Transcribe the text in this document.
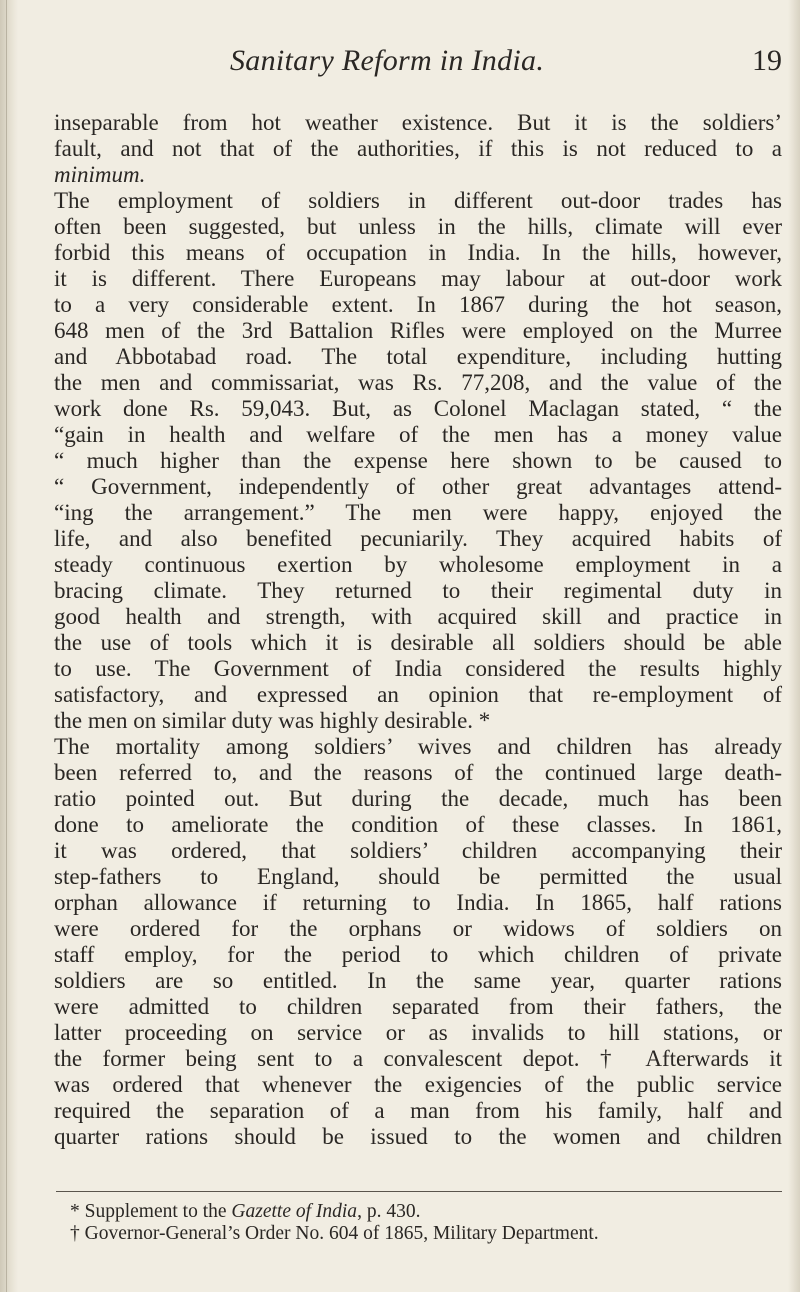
Sanitary Reform in India.	19
inseparable from hot weather existence. But it is the soldiers’
fault, and not that of the authorities, if this is not reduced to a
minimum.
The employment of soldiers in different out-door trades has
often been suggested, but unless in the hills, climate will ever
forbid this means of occupation in India. In the hills, however,
it is different. There Europeans may labour at out-door work
to a very considerable extent. In 1867 during the hot season,
648 men of the 3rd Battalion Rifles were employed on the Murree
and Abbotabad road. The total expenditure, including hutting
the men and commissariat, was Rs. 77,208, and the value of the
work done Rs. 59,043. But, as Colonel Maclagan stated, “ the
“gain in health and welfare of the men has a money value
“ much higher than the expense here shown to be caused to
“ Government, independently of other great advantages attend-
“ing the arrangement.” The men were happy, enjoyed the
life, and also benefited pecuniarily. They acquired habits of
steady continuous exertion by wholesome employment in a
bracing climate. They returned to their regimental duty in
good health and strength, with acquired skill and practice in
the use of tools which it is desirable all soldiers should be able
to use. The Government of India considered the results highly
satisfactory, and expressed an opinion that re-employment of
the men on similar duty was highly desirable. *
The mortality among soldiers’ wives and children has already
been referred to, and the reasons of the continued large death-
ratio pointed out. But during the decade, much has been
done to ameliorate the condition of these classes. In 1861,
it was ordered, that soldiers’ children accompanying their
step-fathers to England, should be permitted the usual
orphan allowance if returning to India. In 1865, half rations
were ordered for the orphans or widows of soldiers on
staff employ, for the period to which children of private
soldiers are so entitled. In the same year, quarter rations
were admitted to children separated from their fathers, the
latter proceeding on service or as invalids to hill stations, or
the former being sent to a convalescent depot. † Afterwards it
was ordered that whenever the exigencies of the public service
required the separation of a man from his family, half and
quarter rations should be issued to the women and children
* Supplement to the Gazette of India, p. 430.
† Governor-General’s Order No. 604 of 1865, Military Department.
